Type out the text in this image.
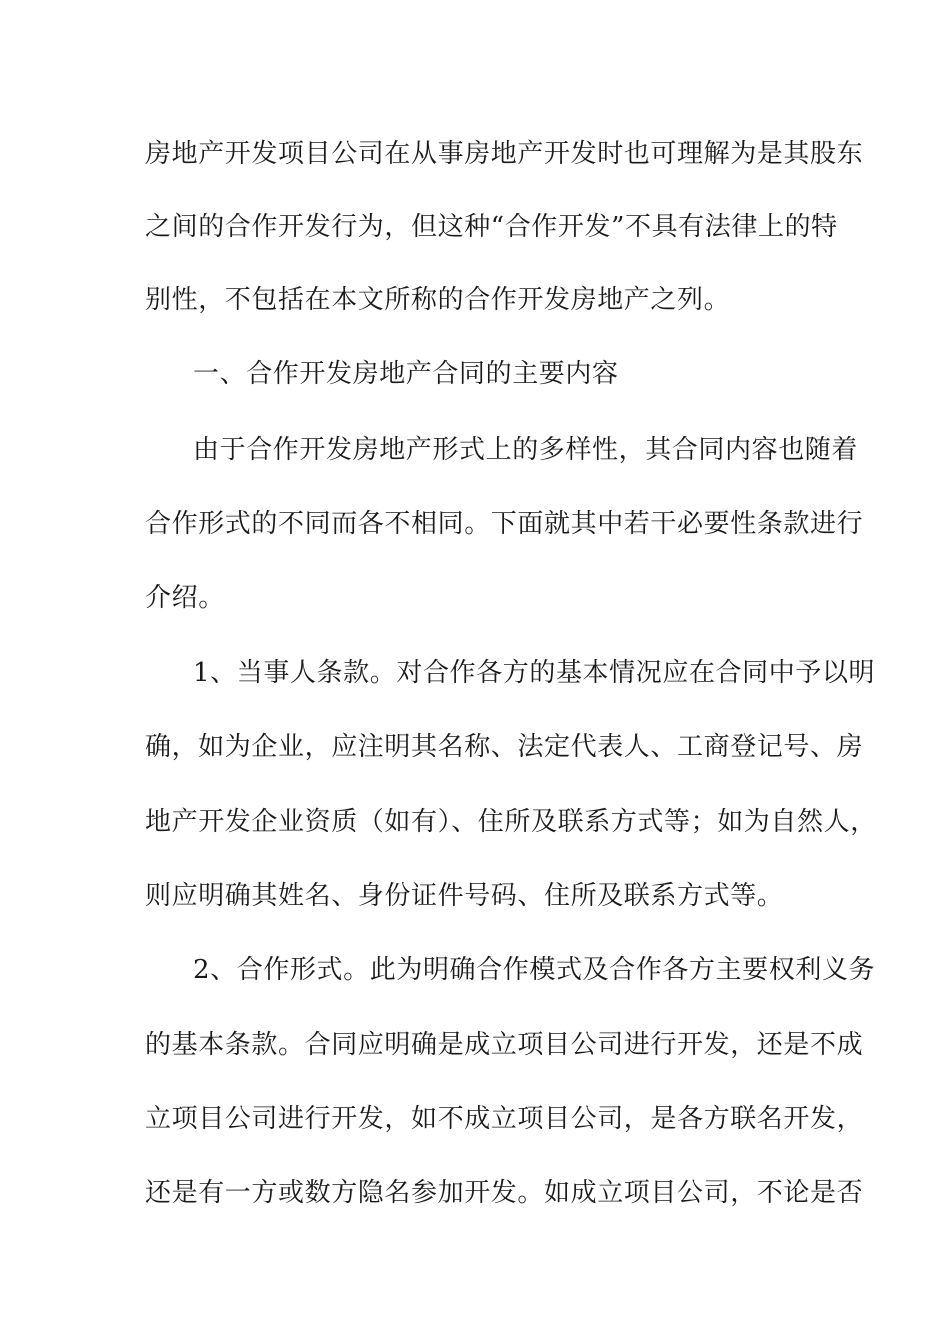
房地产开发项目公司在从事房地产开发时也可理解为是其股东
之间的合作开发行为，但这种“合作开发”不具有法律上的特
别性，不包括在本文所称的合作开发房地产之列。
一、合作开发房地产合同的主要内容
由于合作开发房地产形式上的多样性，其合同内容也随着
合作形式的不同而各不相同。下面就其中若干必要性条款进行
介绍。
1、当事人条款。对合作各方的基本情况应在合同中予以明
确，如为企业，应注明其名称、法定代表人、工商登记号、房
地产开发企业资质（如有）、住所及联系方式等；如为自然人，
则应明确其姓名、身份证件号码、住所及联系方式等。
2、合作形式。此为明确合作模式及合作各方主要权利义务
的基本条款。合同应明确是成立项目公司进行开发，还是不成
立项目公司进行开发，如不成立项目公司，是各方联名开发，
还是有一方或数方隐名参加开发。如成立项目公司，不论是否
